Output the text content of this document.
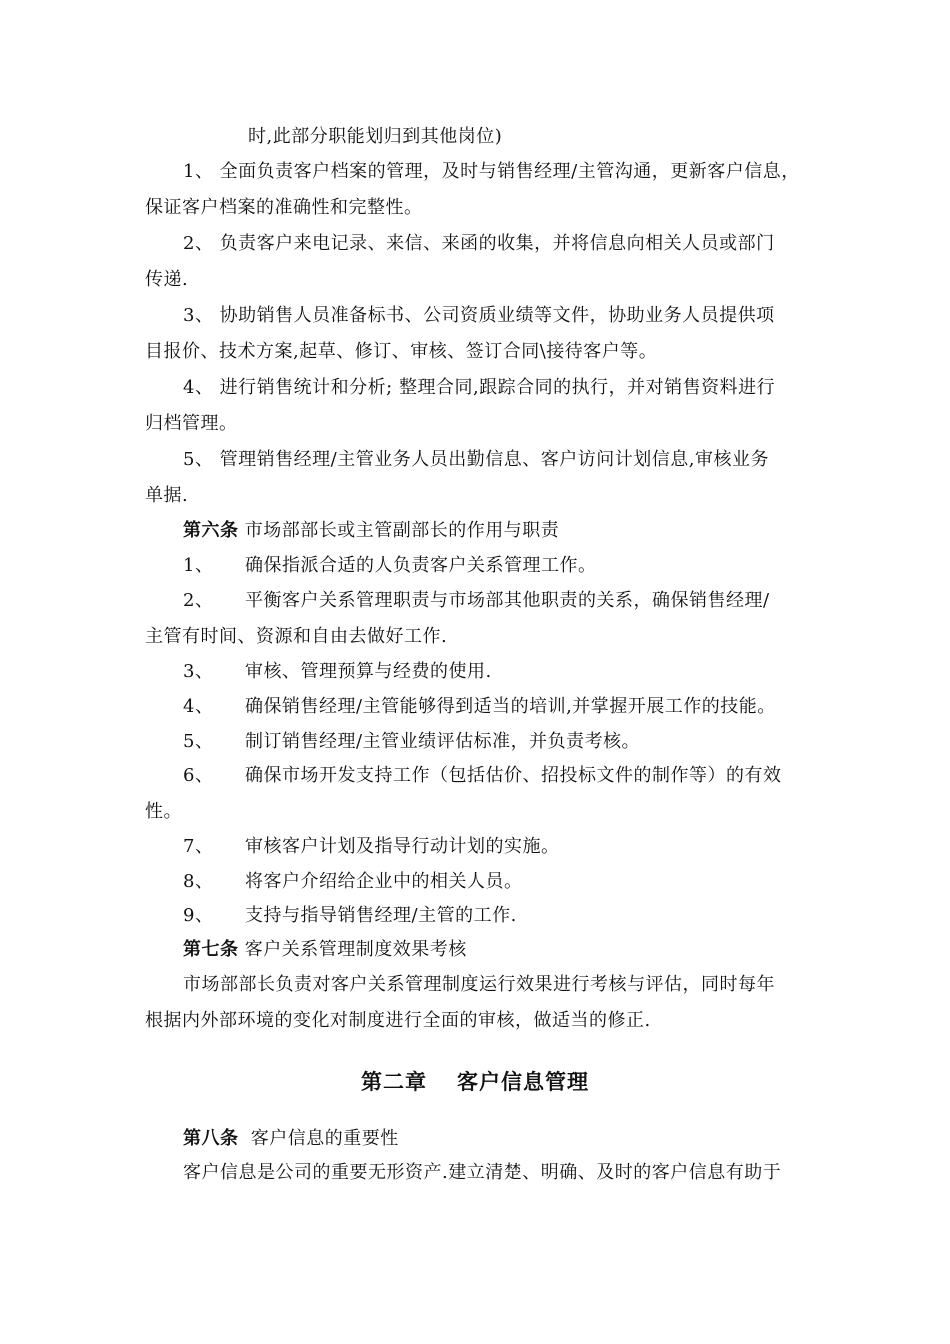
时,此部分职能划归到其他岗位)
1、 全面负责客户档案的管理，及时与销售经理/主管沟通，更新客户信息，
保证客户档案的准确性和完整性。
2、 负责客户来电记录、来信、来函的收集，并将信息向相关人员或部门
传递.
3、 协助销售人员准备标书、公司资质业绩等文件，协助业务人员提供项
目报价、技术方案,起草、修订、审核、签订合同\接待客户等。
4、 进行销售统计和分析; 整理合同,跟踪合同的执行，并对销售资料进行
归档管理。
5、 管理销售经理/主管业务人员出勤信息、客户访问计划信息,审核业务
单据.
第六条 市场部部长或主管副部长的作用与职责
1、 确保指派合适的人负责客户关系管理工作。
2、 平衡客户关系管理职责与市场部其他职责的关系，确保销售经理/
主管有时间、资源和自由去做好工作.
3、 审核、管理预算与经费的使用.
4、 确保销售经理/主管能够得到适当的培训,并掌握开展工作的技能。
5、 制订销售经理/主管业绩评估标准，并负责考核。
6、 确保市场开发支持工作（包括估价、招投标文件的制作等）的有效
性。
7、 审核客户计划及指导行动计划的实施。
8、 将客户介绍给企业中的相关人员。
9、 支持与指导销售经理/主管的工作.
第七条 客户关系管理制度效果考核
市场部部长负责对客户关系管理制度运行效果进行考核与评估，同时每年
根据内外部环境的变化对制度进行全面的审核，做适当的修正.
第二章 客户信息管理
第八条 客户信息的重要性
客户信息是公司的重要无形资产.建立清楚、明确、及时的客户信息有助于
